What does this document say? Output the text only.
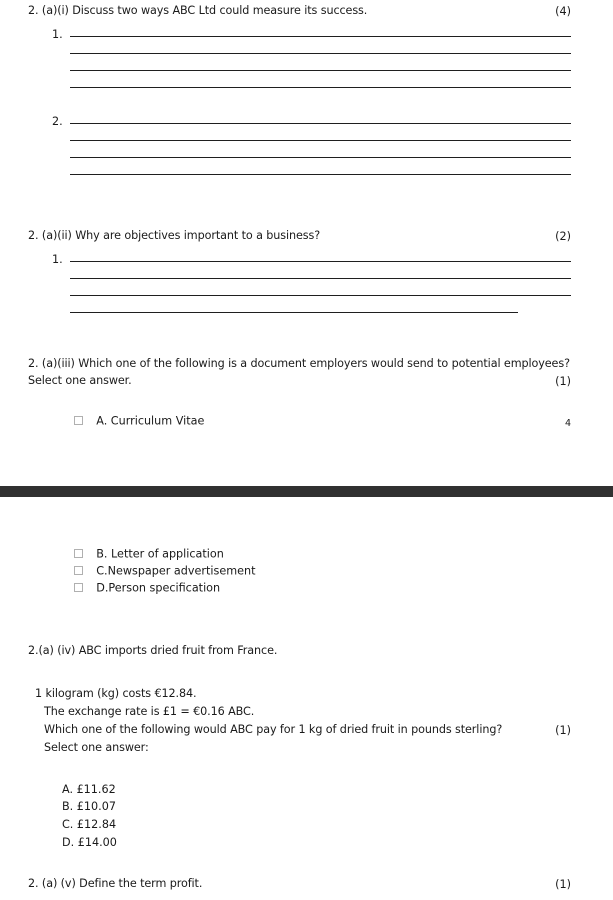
2. (a)(i) Discuss two ways ABC Ltd could measure its success.	(4)
1.
2.
2. (a)(ii) Why are objectives important to a business?	(2)
1.
2. (a)(iii) Which one of the following is a document employers would send to potential employees?
Select one answer.	(1)

A. Curriculum Vitae
	4

B. Letter of application

C.Newspaper advertisement

D.Person specification

2.(a) (iv) ABC imports dried fruit from France.
1 kilogram (kg) costs €12.84.
The exchange rate is £1 = €0.16 ABC.
Which one of the following would ABC pay for 1 kg of dried fruit in pounds sterling?	(1)
Select one answer:
A. £11.62
B. £10.07
C. £12.84
D. £14.00
2. (a) (v) Define the term profit.	(1)
